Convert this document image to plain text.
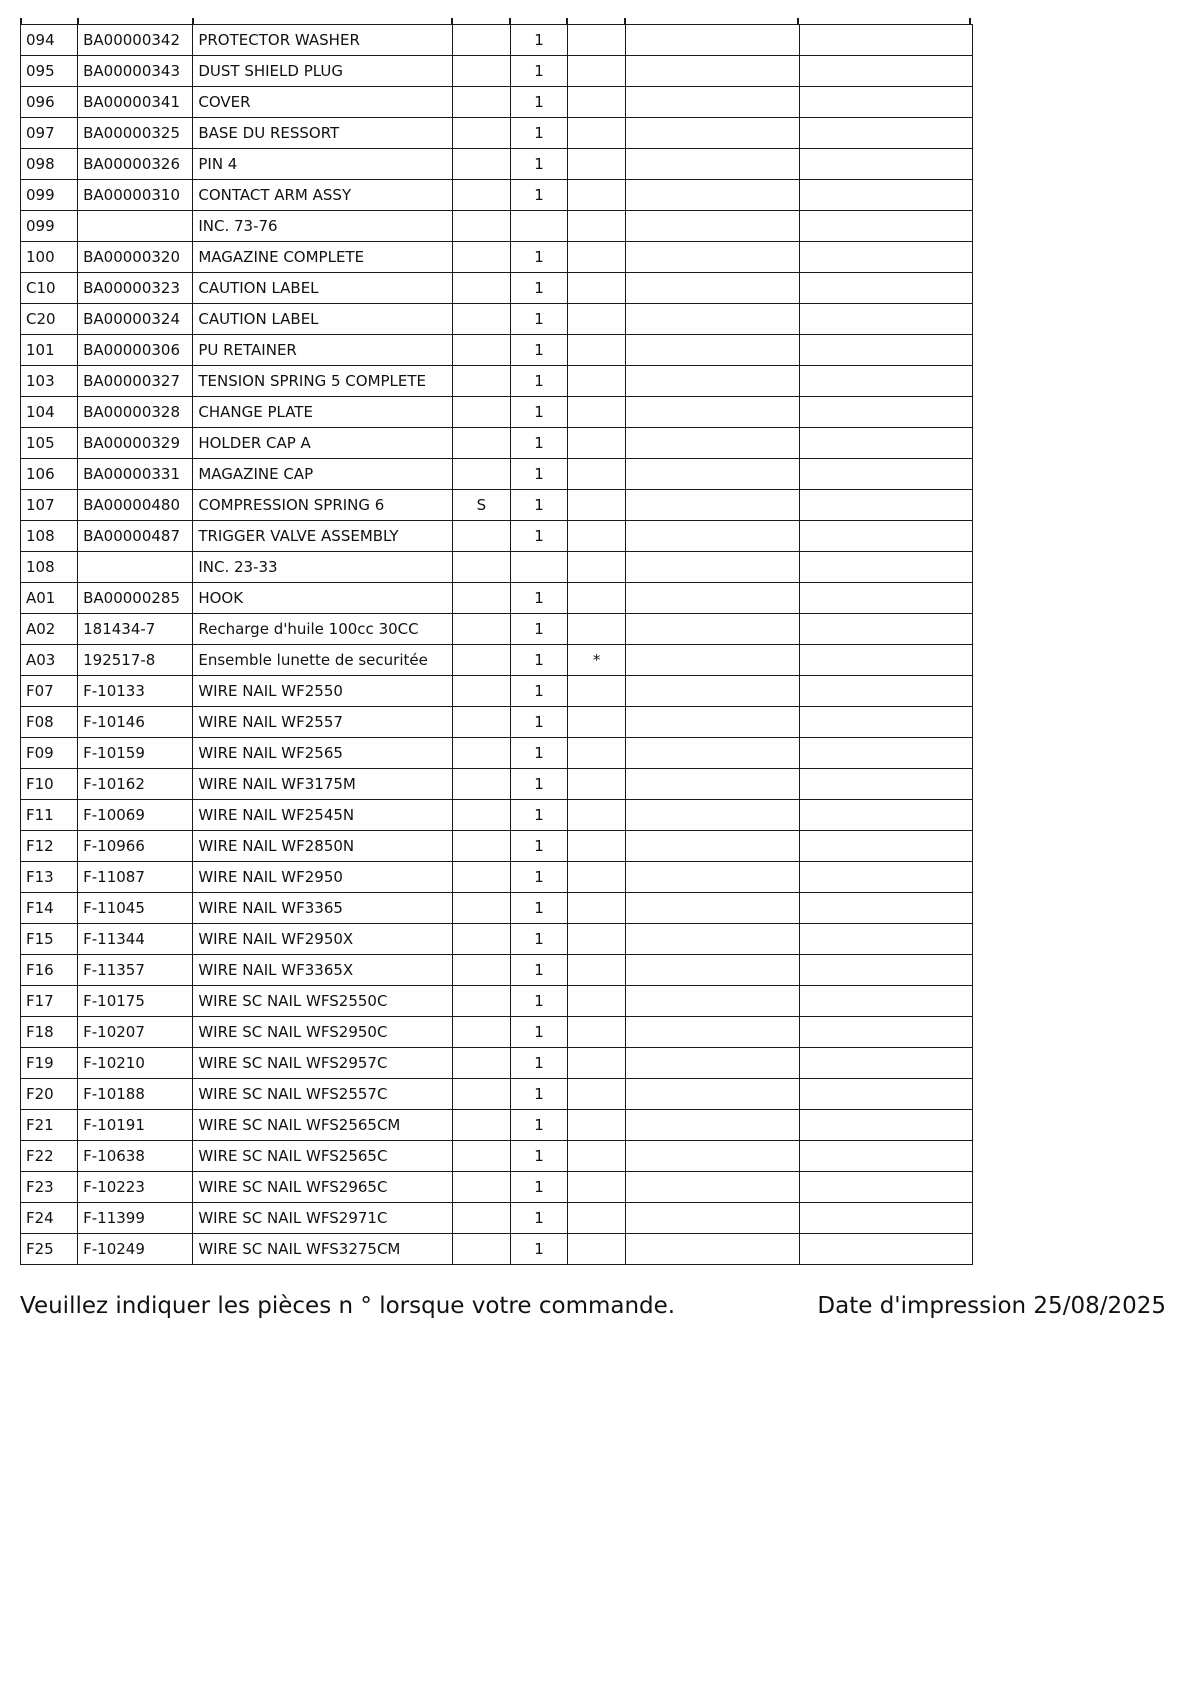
094	BA00000342	PROTECTOR WASHER		1			
095	BA00000343	DUST SHIELD PLUG		1			
096	BA00000341	COVER		1			
097	BA00000325	BASE DU RESSORT		1			
098	BA00000326	PIN 4		1			
099	BA00000310	CONTACT ARM ASSY		1			
099		INC. 73-76					
100	BA00000320	MAGAZINE COMPLETE		1			
C10	BA00000323	CAUTION LABEL		1			
C20	BA00000324	CAUTION LABEL		1			
101	BA00000306	PU RETAINER		1			
103	BA00000327	TENSION SPRING 5 COMPLETE		1			
104	BA00000328	CHANGE PLATE		1			
105	BA00000329	HOLDER CAP A		1			
106	BA00000331	MAGAZINE CAP		1			
107	BA00000480	COMPRESSION SPRING 6	S	1			
108	BA00000487	TRIGGER VALVE ASSEMBLY		1			
108		INC. 23-33					
A01	BA00000285	HOOK		1			
A02	181434-7	Recharge d'huile 100cc 30CC		1			
A03	192517-8	Ensemble lunette de securitée		1	*		
F07	F-10133	WIRE NAIL WF2550		1			
F08	F-10146	WIRE NAIL WF2557		1			
F09	F-10159	WIRE NAIL WF2565		1			
F10	F-10162	WIRE NAIL WF3175M		1			
F11	F-10069	WIRE NAIL WF2545N		1			
F12	F-10966	WIRE NAIL WF2850N		1			
F13	F-11087	WIRE NAIL WF2950		1			
F14	F-11045	WIRE NAIL WF3365		1			
F15	F-11344	WIRE NAIL WF2950X		1			
F16	F-11357	WIRE NAIL WF3365X		1			
F17	F-10175	WIRE SC NAIL WFS2550C		1			
F18	F-10207	WIRE SC NAIL WFS2950C		1			
F19	F-10210	WIRE SC NAIL WFS2957C		1			
F20	F-10188	WIRE SC NAIL WFS2557C		1			
F21	F-10191	WIRE SC NAIL WFS2565CM		1			
F22	F-10638	WIRE SC NAIL WFS2565C		1			
F23	F-10223	WIRE SC NAIL WFS2965C		1			
F24	F-11399	WIRE SC NAIL WFS2971C		1			
F25	F-10249	WIRE SC NAIL WFS3275CM		1			
Veuillez indiquer les pièces n ° lorsque votre commande.	Date d'impression 25/08/2025
